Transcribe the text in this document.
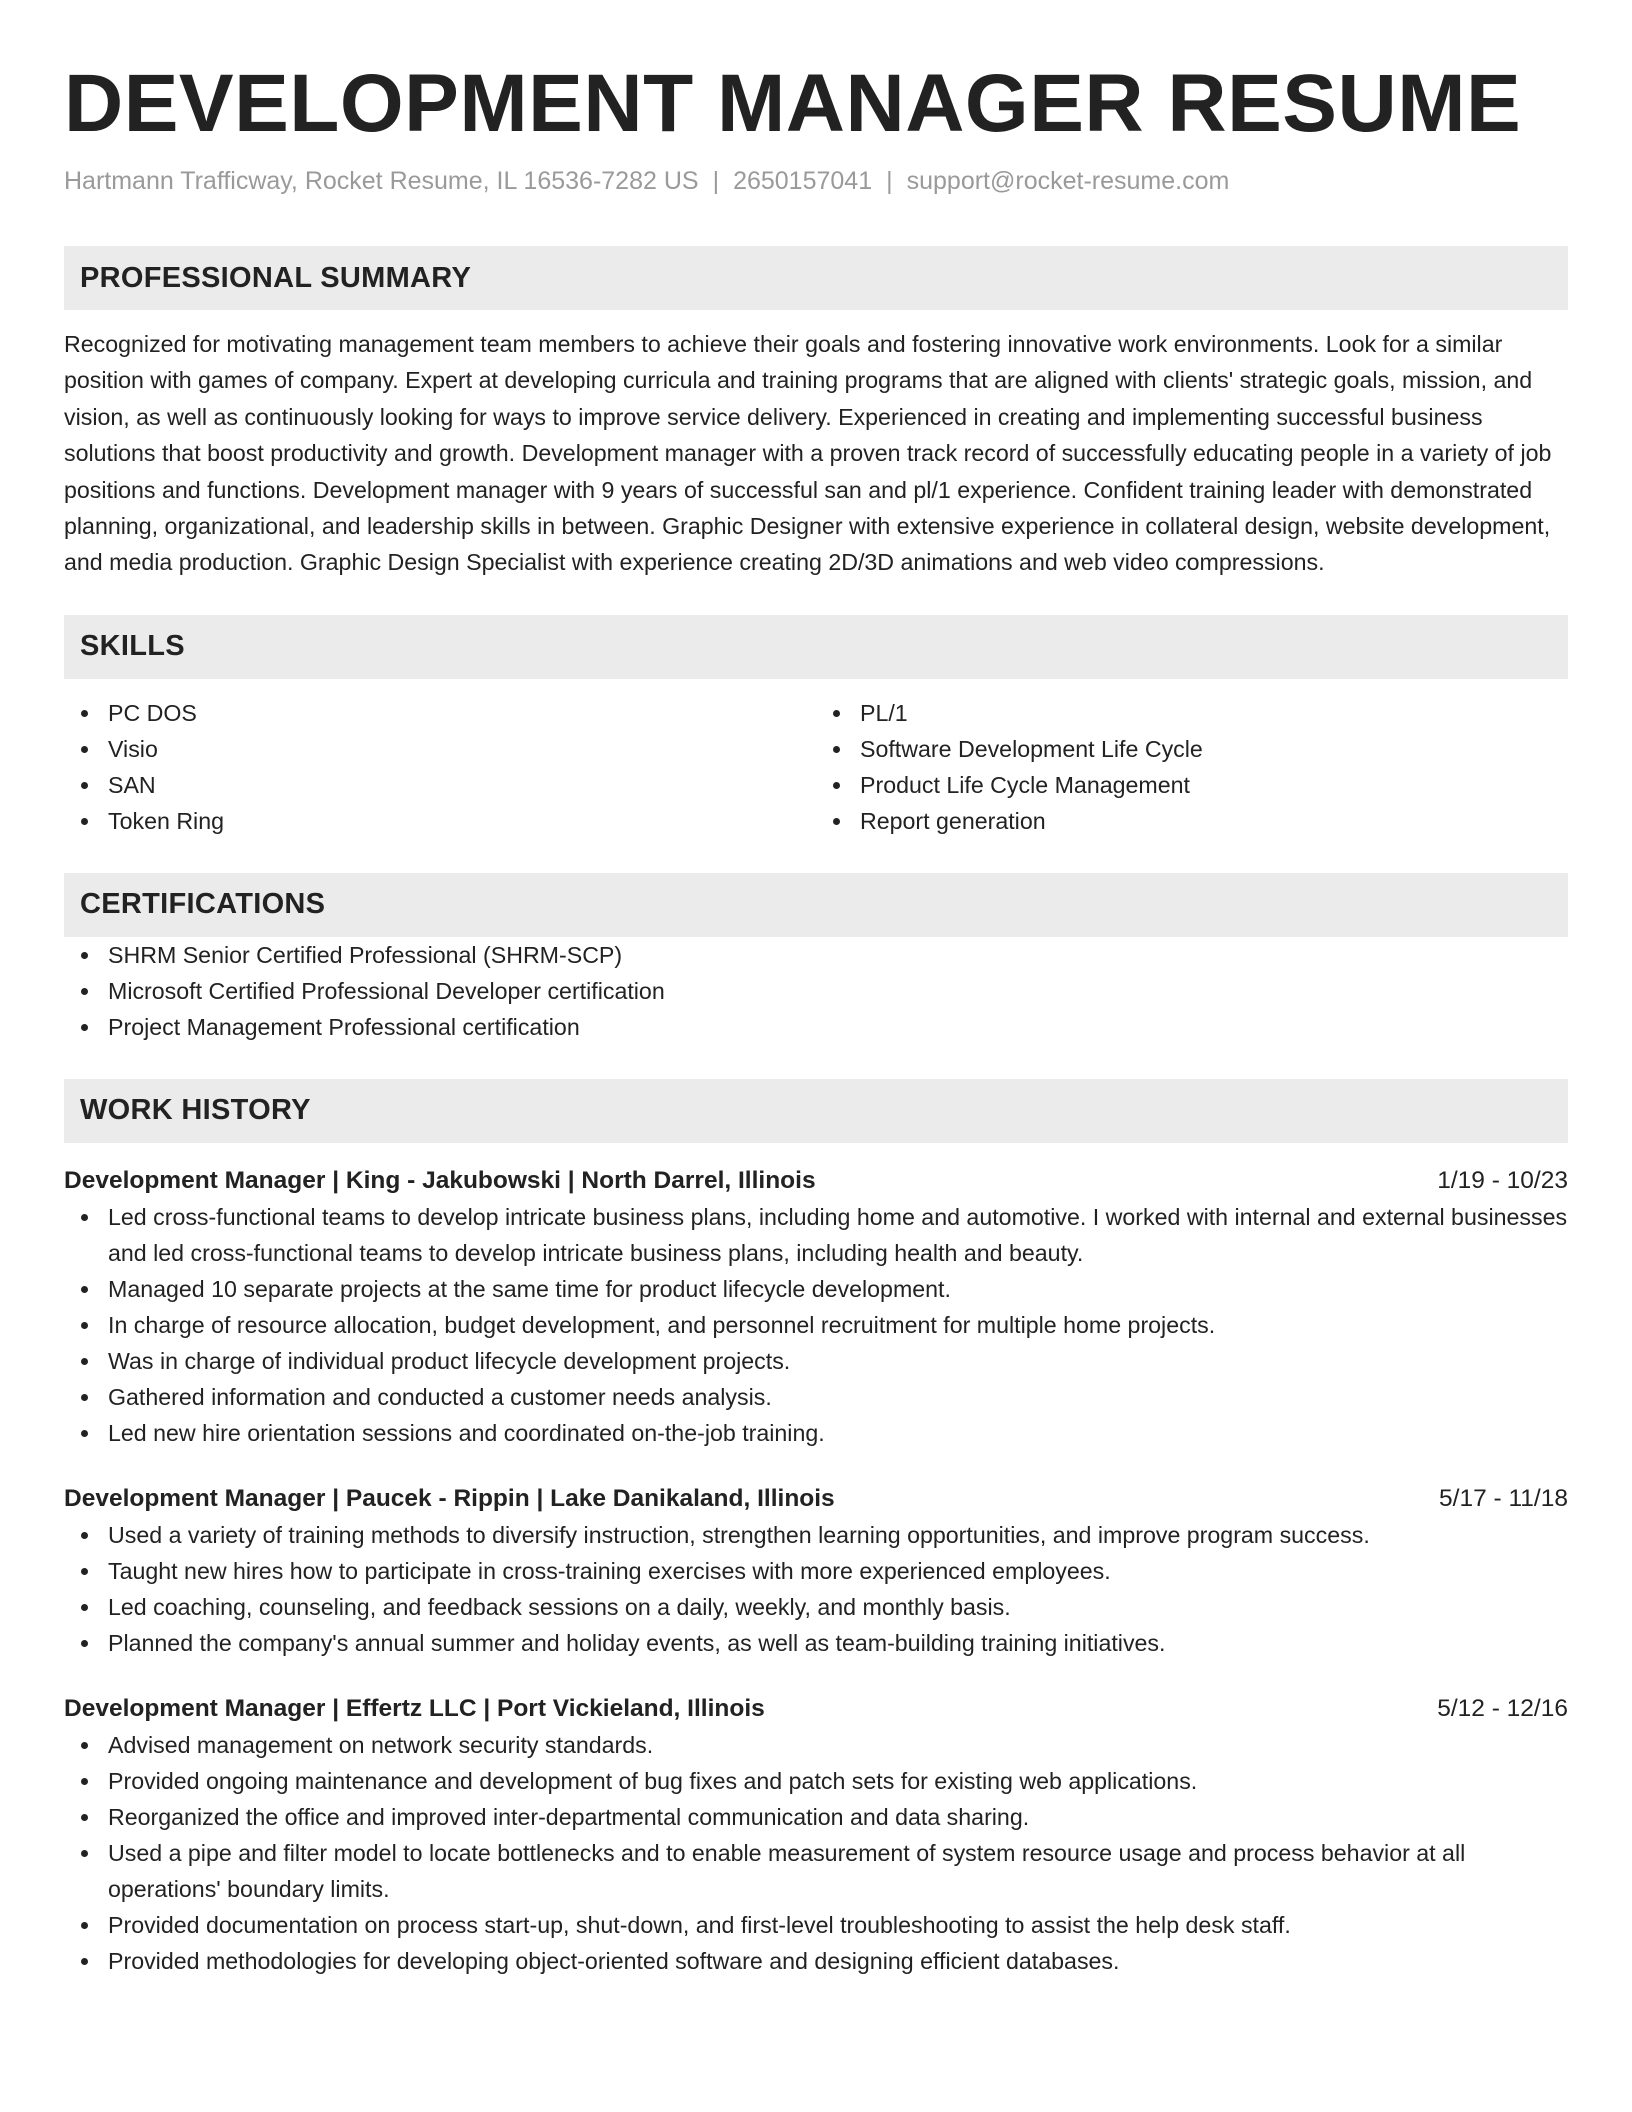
DEVELOPMENT MANAGER RESUME
Hartmann Trafficway, Rocket Resume, IL 16536-7282 US | 2650157041 | support@rocket-resume.com
PROFESSIONAL SUMMARY

Recognized for motivating management team members to achieve their goals and fostering innovative work environments. Look for a similar position with games of company. Expert at developing curricula and training programs that are aligned with clients' strategic goals, mission, and vision, as well as continuously looking for ways to improve service delivery. Experienced in creating and implementing successful business solutions that boost productivity and growth. Development manager with a proven track record of successfully educating people in a variety of job positions and functions. Development manager with 9 years of successful san and pl/1 experience. Confident training leader with demonstrated planning, organizational, and leadership skills in between. Graphic Designer with extensive experience in collateral design, website development, and media production. Graphic Design Specialist with experience creating 2D/3D animations and web video compressions.

SKILLS
PC DOS
Visio
SAN
Token Ring
PL/1
Software Development Life Cycle
Product Life Cycle Management
Report generation
CERTIFICATIONS
SHRM Senior Certified Professional (SHRM-SCP)
Microsoft Certified Professional Developer certification
Project Management Professional certification
WORK HISTORY
Development Manager | King - Jakubowski | North Darrel, Illinois	1/19 - 10/23
Led cross-functional teams to develop intricate business plans, including home and automotive. I worked with internal and external businesses and led cross-functional teams to develop intricate business plans, including health and beauty.
Managed 10 separate projects at the same time for product lifecycle development.
In charge of resource allocation, budget development, and personnel recruitment for multiple home projects.
Was in charge of individual product lifecycle development projects.
Gathered information and conducted a customer needs analysis.
Led new hire orientation sessions and coordinated on-the-job training.
Development Manager | Paucek - Rippin | Lake Danikaland, Illinois	5/17 - 11/18
Used a variety of training methods to diversify instruction, strengthen learning opportunities, and improve program success.
Taught new hires how to participate in cross-training exercises with more experienced employees.
Led coaching, counseling, and feedback sessions on a daily, weekly, and monthly basis.
Planned the company's annual summer and holiday events, as well as team-building training initiatives.
Development Manager | Effertz LLC | Port Vickieland, Illinois	5/12 - 12/16
Advised management on network security standards.
Provided ongoing maintenance and development of bug fixes and patch sets for existing web applications.
Reorganized the office and improved inter-departmental communication and data sharing.
Used a pipe and filter model to locate bottlenecks and to enable measurement of system resource usage and process behavior at all operations' boundary limits.
Provided documentation on process start-up, shut-down, and first-level troubleshooting to assist the help desk staff.
Provided methodologies for developing object-oriented software and designing efficient databases.
